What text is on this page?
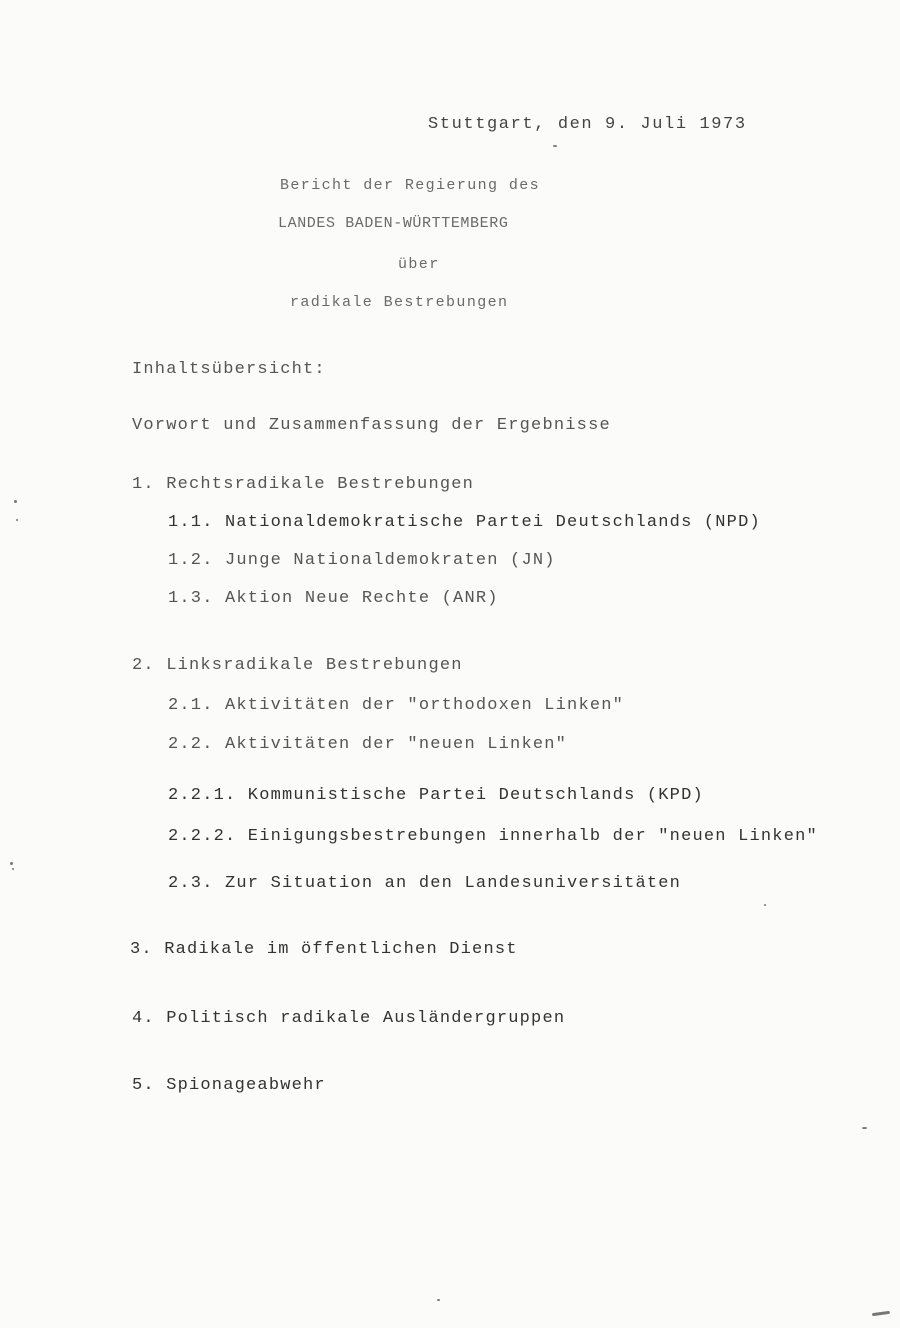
Stuttgart, den 9. Juli 1973
Bericht der Regierung des
LANDES BADEN-WÜRTTEMBERG
über
radikale Bestrebungen
Inhaltsübersicht:
Vorwort und Zusammenfassung der Ergebnisse
1. Rechtsradikale Bestrebungen
1.1. Nationaldemokratische Partei Deutschlands (NPD)
1.2. Junge Nationaldemokraten (JN)
1.3. Aktion Neue Rechte (ANR)
2. Linksradikale Bestrebungen
2.1. Aktivitäten der "orthodoxen Linken"
2.2. Aktivitäten der "neuen Linken"
2.2.1. Kommunistische Partei Deutschlands (KPD)
2.2.2. Einigungsbestrebungen innerhalb der "neuen Linken"
2.3. Zur Situation an den Landesuniversitäten
3. Radikale im öffentlichen Dienst
4. Politisch radikale Ausländergruppen
5. Spionageabwehr
